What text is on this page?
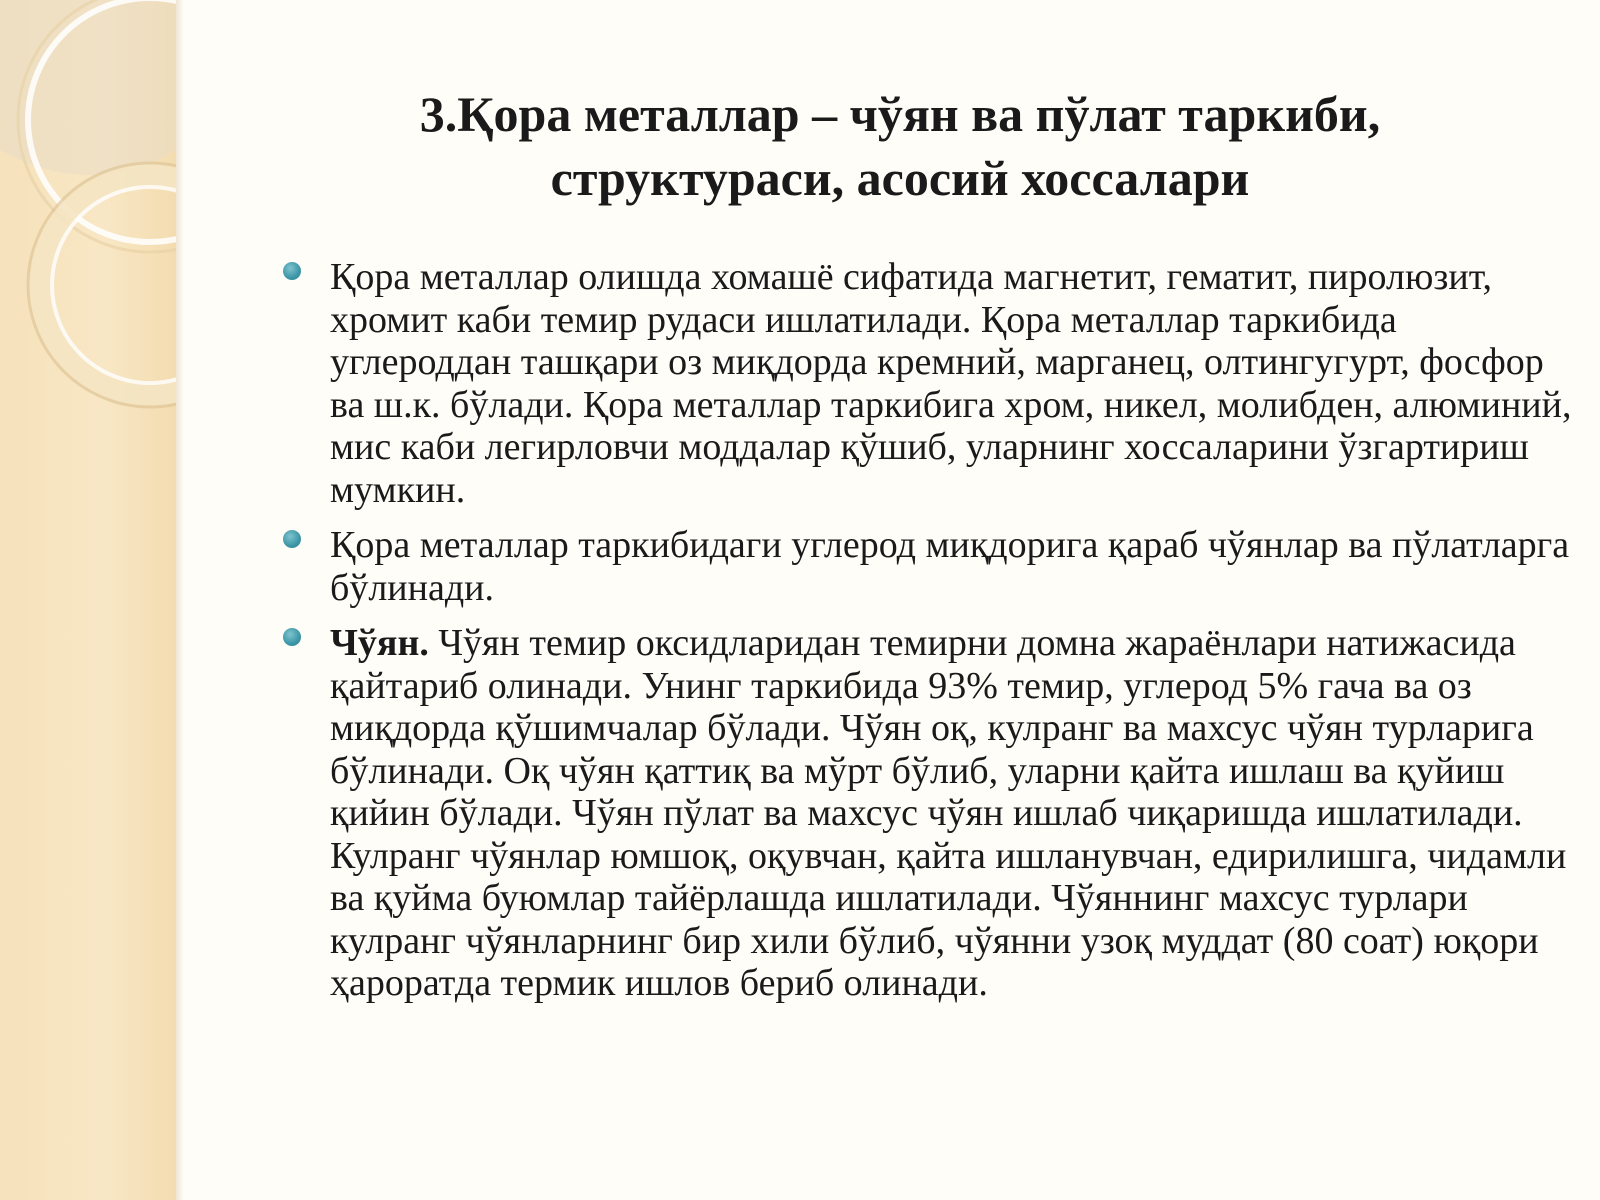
3.Қора металлар – чўян ва пўлат таркиби,
структураси, асосий хоссалари
Қора металлар олишда хомашё сифатида магнетит, гематит, пиролюзит, хромит каби темир рудаси ишлатилади. Қора металлар таркибида углероддан ташқари оз миқдорда кремний, марганец, олтингугурт, фосфор ва ш.к. бўлади. Қора металлар таркибига хром, никел, молибден, алюминий, мис каби легирловчи моддалар қўшиб, уларнинг хоссаларини ўзгартириш мумкин.
Қора металлар таркибидаги углерод миқдорига қараб чўянлар ва пўлатларга бўлинади.
Чўян. Чўян темир оксидларидан темирни домна жараёнлари натижасида қайтариб олинади. Унинг таркибида 93% темир, углерод 5% гача ва оз миқдорда қўшимчалар бўлади. Чўян оқ, кулранг ва махсус чўян турларига бўлинади. Оқ чўян қаттиқ ва мўрт бўлиб, уларни қайта ишлаш ва қуйиш қийин бўлади. Чўян пўлат ва махсус чўян ишлаб чиқаришда ишлатилади. Кулранг чўянлар юмшоқ, оқувчан, қайта ишланувчан, едирилишга, чидамли ва қуйма буюмлар тайёрлашда ишлатилади. Чўяннинг махсус турлари кулранг чўянларнинг бир хили бўлиб, чўянни узоқ муддат (80 соат) юқори ҳароратда термик ишлов бериб олинади.
